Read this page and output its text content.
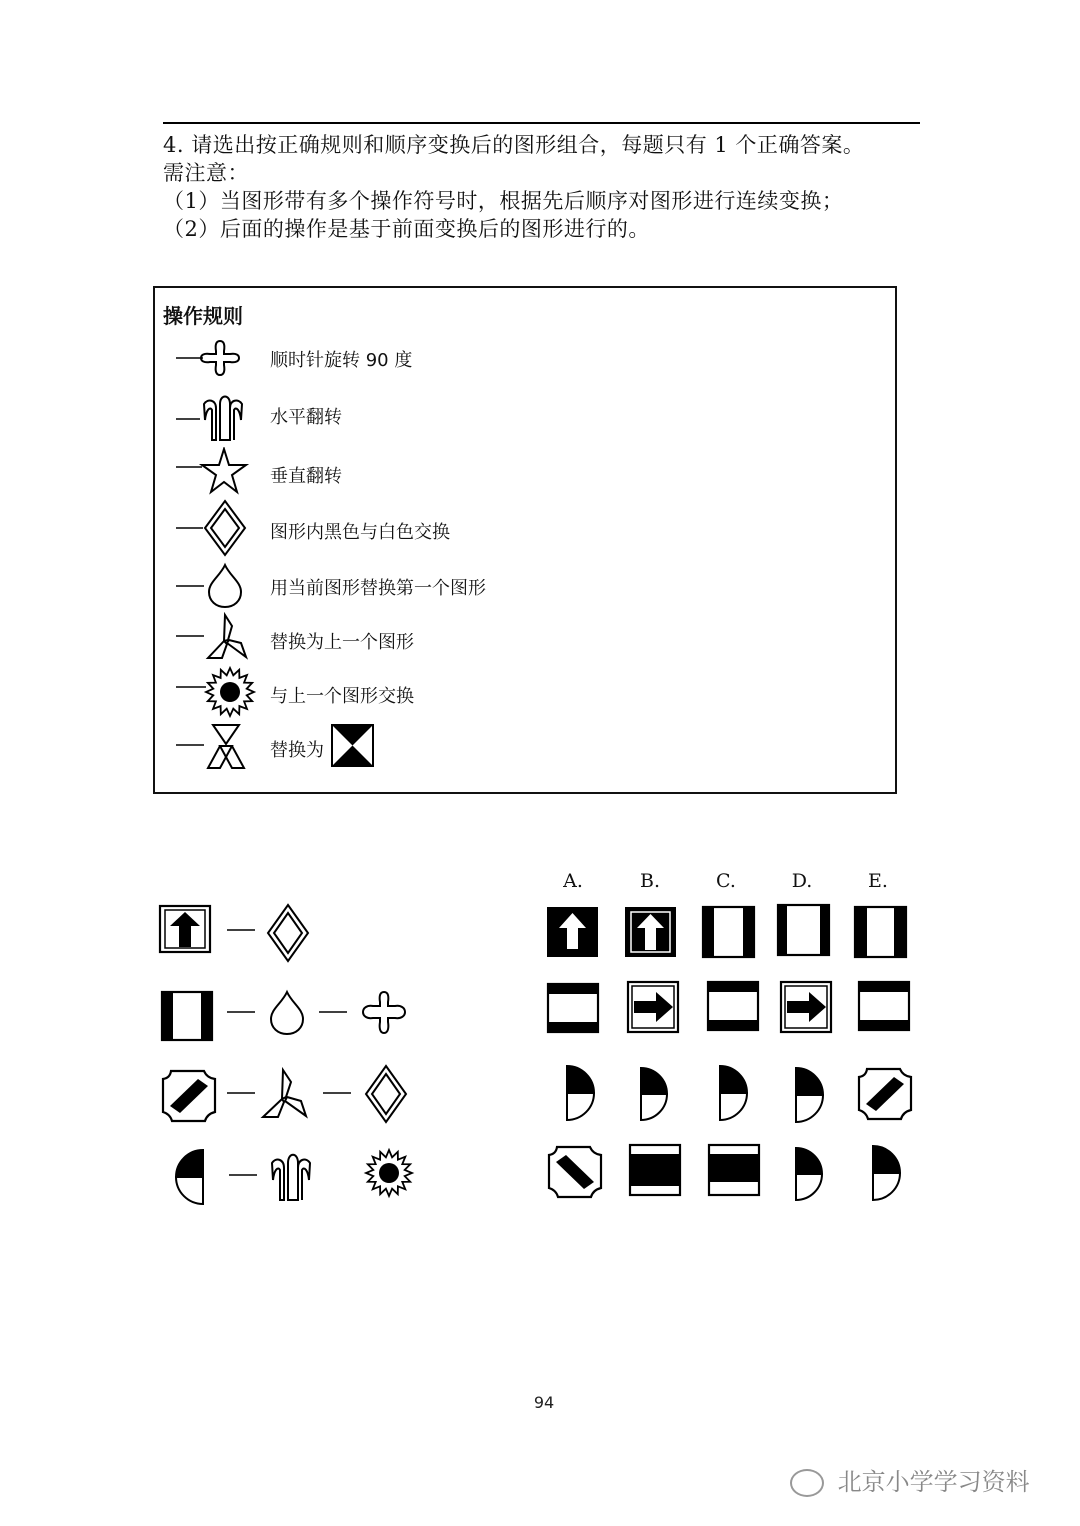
4. 请选出按正确规则和顺序变换后的图形组合，每题只有 1 个正确答案。
需注意：
（1）当图形带有多个操作符号时，根据先后顺序对图形进行连续变换；
（2）后面的操作是基于前面变换后的图形进行的。
操作规则
顺时针旋转 90 度
水平翻转
垂直翻转
图形内黑色与白色交换
用当前图形替换第一个图形
替换为上一个图形
与上一个图形交换
替换为
A.	B.	C.	D.	E.
94
北京小学学习资料
